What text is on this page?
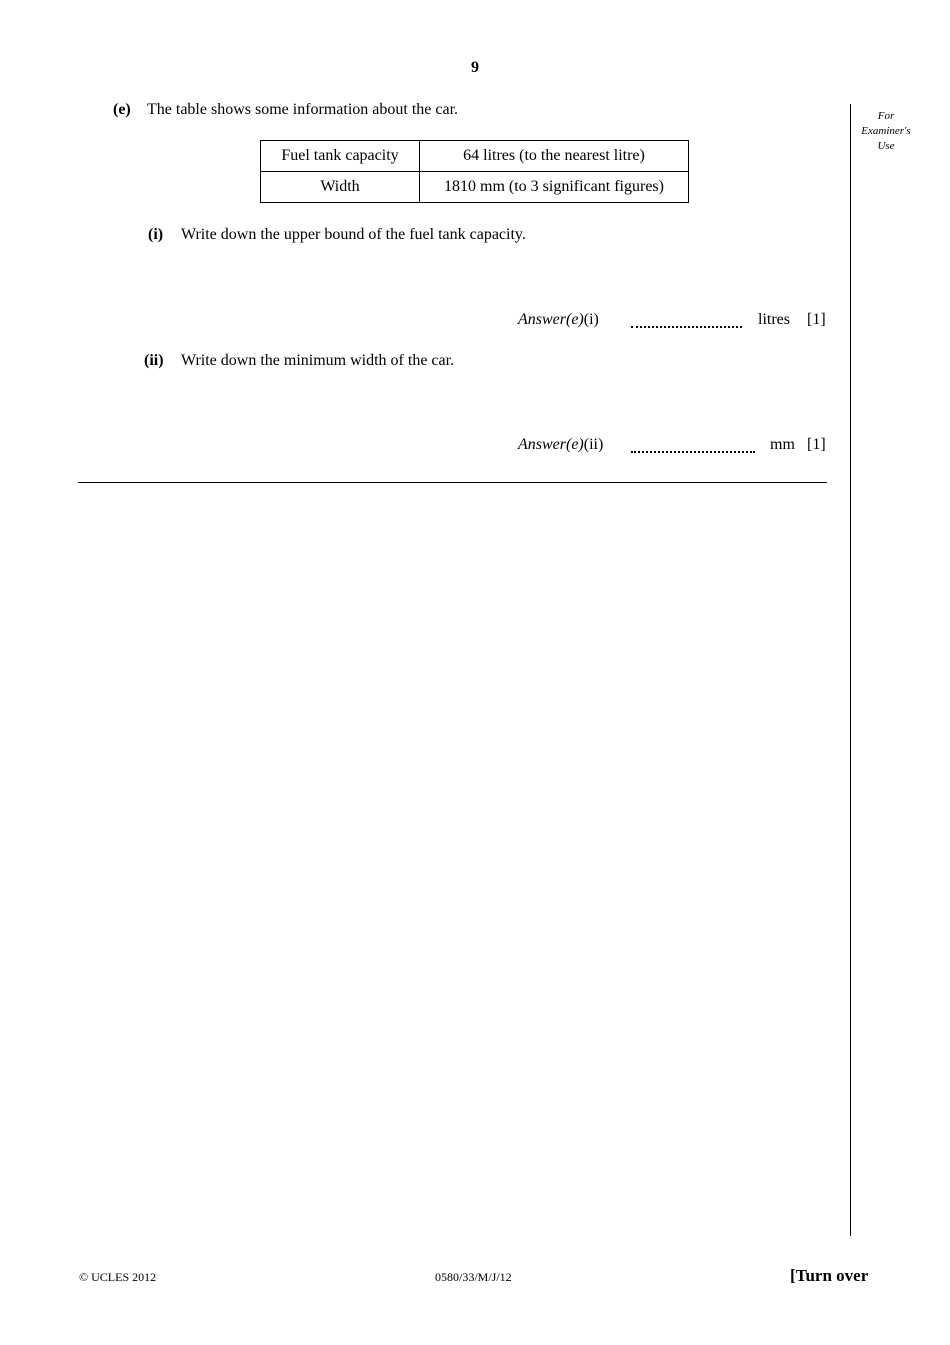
9
For
Examiner's
Use
(e) The table shows some information about the car.
Fuel tank capacity	64 litres (to the nearest litre)
Width	1810 mm (to 3 significant figures)
(i) Write down the upper bound of the fuel tank capacity.
Answer(e)(i)	litres [1]
(ii) Write down the minimum width of the car.
Answer(e)(ii)	mm [1]
© UCLES 2012	0580/33/M/J/12	[Turn over
